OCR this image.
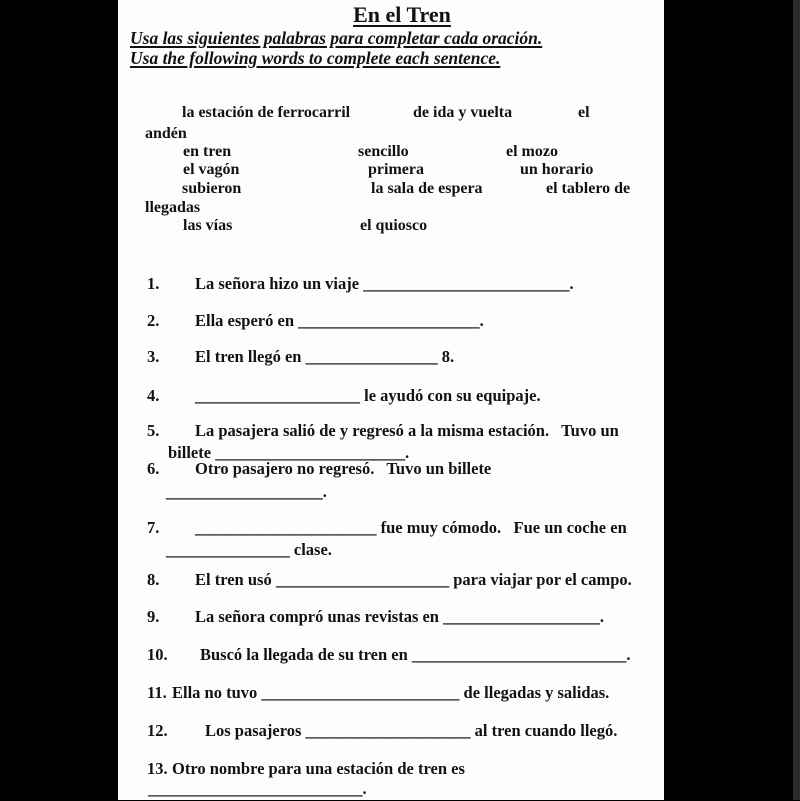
En el Tren
Usa las siguientes palabras para completar cada oración.
Usa the following words to complete each sentence.
la estación de ferrocarril	de ida y vuelta	el
andén
en tren	sencillo	el mozo
el vagón	primera	un horario
subieron	la sala de espera	el tablero de
llegadas
las vías	el quiosco
1. La señora hizo un viaje _________________________.
2. Ella esperó en ______________________.
3. El tren llegó en ________________ 8.
4. ____________________ le ayudó con su equipaje.
5. La pasajera salió de y regresó a la misma estación.   Tuvo un
billete _______________________.
6. Otro pasajero no regresó.   Tuvo un billete
___________________.
7. ______________________ fue muy cómodo.   Fue un coche en
_______________ clase.
8. El tren usó _____________________ para viajar por el campo.
9. La señora compró unas revistas en ___________________.
10. Buscó la llegada de su tren en __________________________.
11. Ella no tuvo ________________________ de llegadas y salidas.
12. Los pasajeros ____________________ al tren cuando llegó.
13. Otro nombre para una estación de tren es
__________________________.
